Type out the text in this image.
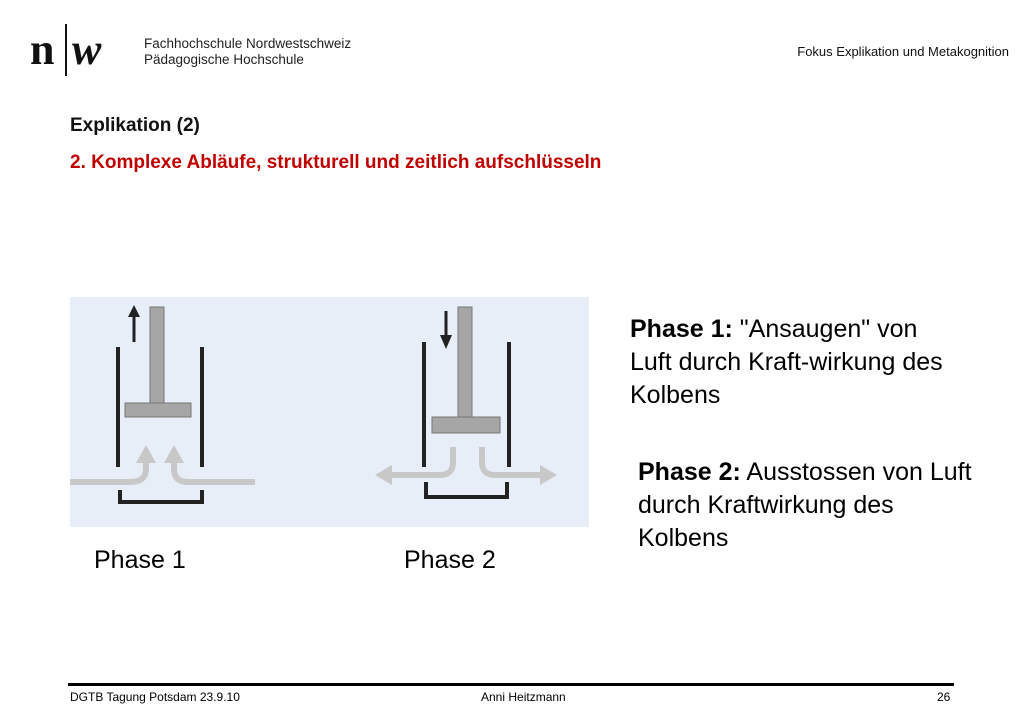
n w	Fachhochschule Nordwestschweiz
Pädagogische Hochschule
Fokus Explikation und Metakognition
Explikation (2)
2. Komplexe Abläufe, strukturell und zeitlich aufschlüsseln
Phase 1	Phase 2
Phase 1: "Ansaugen" von Luft durch Kraft-wirkung des Kolbens
Phase 2: Ausstossen von Luft durch Kraftwirkung des Kolbens
DGTB Tagung Potsdam 23.9.10	Anni Heitzmann	26
